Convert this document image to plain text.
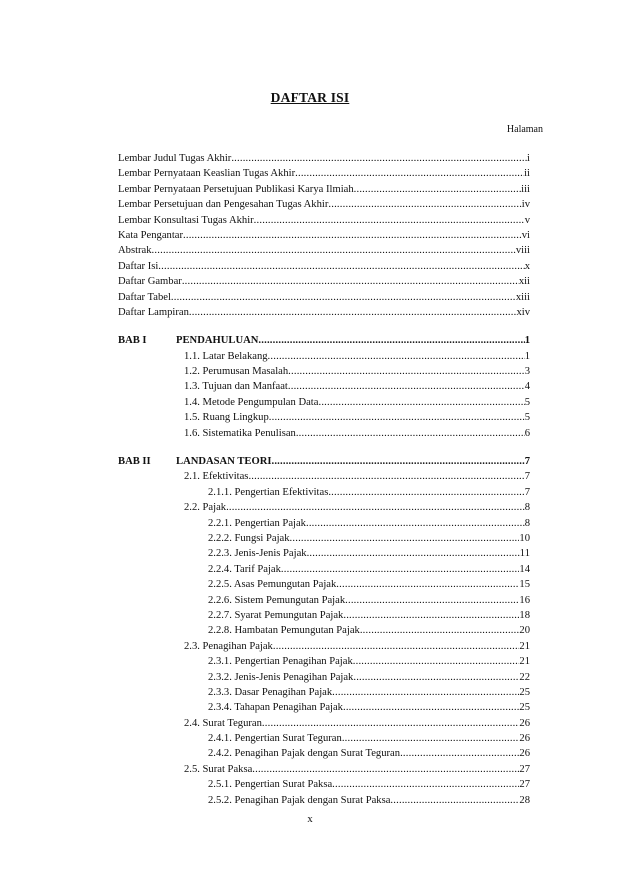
DAFTAR ISI
Halaman
Lembar Judul Tugas Akhir .....	i
Lembar Pernyataan Keaslian Tugas Akhir .....	ii
Lembar Pernyataan Persetujuan Publikasi Karya Ilmiah .....	iii
Lembar Persetujuan dan Pengesahan Tugas Akhir .....	iv
Lembar Konsultasi Tugas Akhir .....	v
Kata Pengantar .....	vi
Abstrak .....	viii
Daftar Isi .....	x
Daftar Gambar .....	xii
Daftar Tabel .....	xiii
Daftar Lampiran .....	xiv
BAB I	PENDAHULUAN .....	1
1.1. Latar Belakang .....	1
1.2. Perumusan Masalah .....	3
1.3. Tujuan dan Manfaat .....	4
1.4. Metode Pengumpulan Data .....	5
1.5. Ruang Lingkup .....	5
1.6. Sistematika Penulisan .....	6
BAB II LANDASAN TEORI .....	7
2.1. Efektivitas .....	7
2.1.1. Pengertian Efektivitas .....	7
2.2. Pajak .....	8
2.2.1. Pengertian Pajak .....	8
2.2.2. Fungsi Pajak .....	10
2.2.3. Jenis-Jenis Pajak .....	11
2.2.4. Tarif Pajak .....	14
2.2.5. Asas Pemungutan Pajak .....	15
2.2.6. Sistem Pemungutan Pajak .....	16
2.2.7. Syarat Pemungutan Pajak .....	18
2.2.8. Hambatan Pemungutan Pajak .....	20
2.3. Penagihan Pajak .....	21
2.3.1. Pengertian Penagihan Pajak .....	21
2.3.2. Jenis-Jenis Penagihan Pajak .....	22
2.3.3. Dasar Penagihan Pajak .....	25
2.3.4. Tahapan Penagihan Pajak .....	25
2.4. Surat Teguran .....	26
2.4.1. Pengertian Surat Teguran .....	26
2.4.2. Penagihan Pajak dengan Surat Teguran .....	26
2.5. Surat Paksa .....	27
2.5.1. Pengertian Surat Paksa .....	27
2.5.2. Penagihan Pajak dengan Surat Paksa .....	28
x
